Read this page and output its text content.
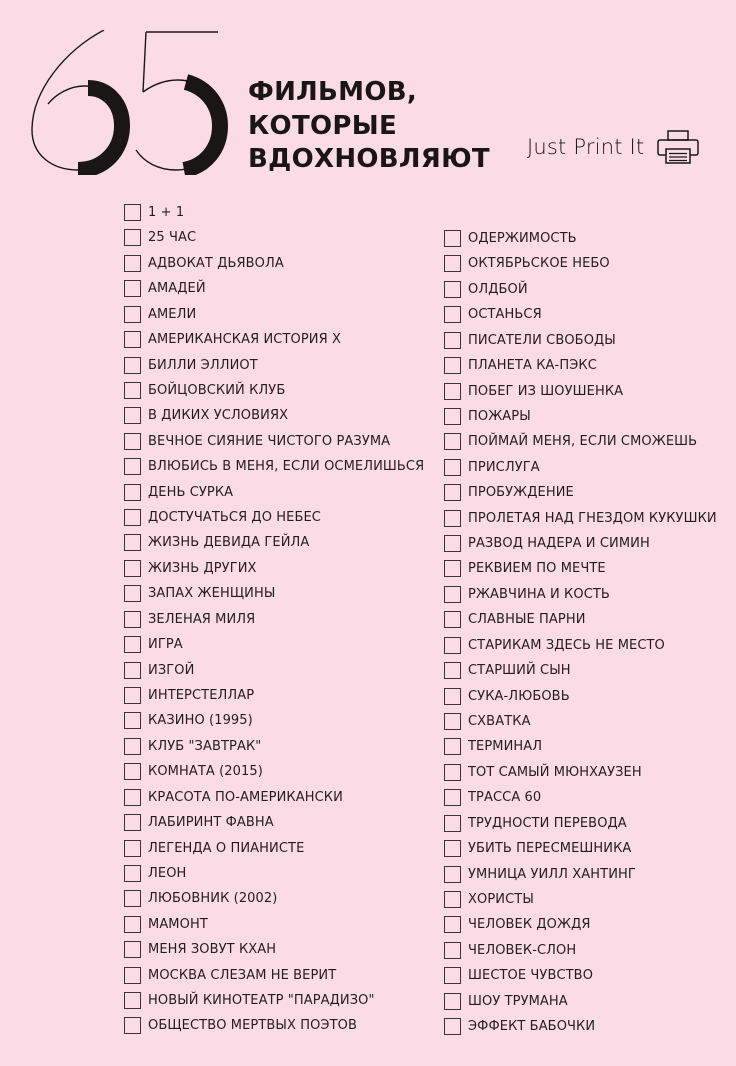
ФИЛЬМОВ,
КОТОРЫЕ
ВДОХНОВЛЯЮТ Just Print It
1 + 1
25 ЧАС
АДВОКАТ ДЬЯВОЛА
АМАДЕЙ
АМЕЛИ
АМЕРИКАНСКАЯ ИСТОРИЯ Х
БИЛЛИ ЭЛЛИОТ
БОЙЦОВСКИЙ КЛУБ
В ДИКИХ УСЛОВИЯХ
ВЕЧНОЕ СИЯНИЕ ЧИСТОГО РАЗУМА
ВЛЮБИСЬ В МЕНЯ, ЕСЛИ ОСМЕЛИШЬСЯ
ДЕНЬ СУРКА
ДОСТУЧАТЬСЯ ДО НЕБЕС
ЖИЗНЬ ДЕВИДА ГЕЙЛА
ЖИЗНЬ ДРУГИХ
ЗАПАХ ЖЕНЩИНЫ
ЗЕЛЕНАЯ МИЛЯ
ИГРА
ИЗГОЙ
ИНТЕРСТЕЛЛАР
КАЗИНО (1995)
КЛУБ "ЗАВТРАК"
КОМНАТА (2015)
КРАСОТА ПО-АМЕРИКАНСКИ
ЛАБИРИНТ ФАВНА
ЛЕГЕНДА О ПИАНИСТЕ
ЛЕОН
ЛЮБОВНИК (2002)
МАМОНТ
МЕНЯ ЗОВУТ КХАН
МОСКВА СЛЕЗАМ НЕ ВЕРИТ
НОВЫЙ КИНОТЕАТР "ПАРАДИЗО"
ОБЩЕСТВО МЕРТВЫХ ПОЭТОВ
ОДЕРЖИМОСТЬ
ОКТЯБРЬСКОЕ НЕБО
ОЛДБОЙ
ОСТАНЬСЯ
ПИСАТЕЛИ СВОБОДЫ
ПЛАНЕТА КА-ПЭКС
ПОБЕГ ИЗ ШОУШЕНКА
ПОЖАРЫ
ПОЙМАЙ МЕНЯ, ЕСЛИ СМОЖЕШЬ
ПРИСЛУГА
ПРОБУЖДЕНИЕ
ПРОЛЕТАЯ НАД ГНЕЗДОМ КУКУШКИ
РАЗВОД НАДЕРА И СИМИН
РЕКВИЕМ ПО МЕЧТЕ
РЖАВЧИНА И КОСТЬ
СЛАВНЫЕ ПАРНИ
СТАРИКАМ ЗДЕСЬ НЕ МЕСТО
СТАРШИЙ СЫН
СУКА-ЛЮБОВЬ
СХВАТКА
ТЕРМИНАЛ
ТОТ САМЫЙ МЮНХАУЗЕН
ТРАССА 60
ТРУДНОСТИ ПЕРЕВОДА
УБИТЬ ПЕРЕСМЕШНИКА
УМНИЦА УИЛЛ ХАНТИНГ
ХОРИСТЫ
ЧЕЛОВЕК ДОЖДЯ
ЧЕЛОВЕК-СЛОН
ШЕСТОЕ ЧУВСТВО
ШОУ ТРУМАНА
ЭФФЕКТ БАБОЧКИ
